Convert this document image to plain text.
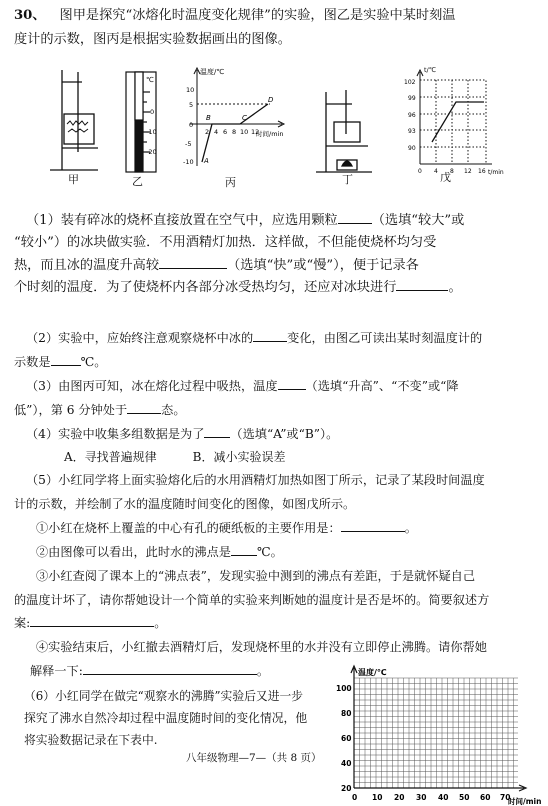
30、 图甲是探究“冰熔化时温度变化规律”的实验，图乙是实验中某时刻温
度计的示数，图丙是根据实验数据画出的图像。
℃
0
-10
-20
温度/℃
时间/min
10
5
0
-5
-10
2 4 6 8 10 12
A
B	C
D
t/℃
t/min
102
99
96
93
90
0 4 8 12 16
甲	乙	丙	丁	戊
（1）装有碎冰的烧杯直接放置在空气中，应选用颗粒	（选填“较大”或
“较小”）的冰块做实验．不用酒精灯加热．这样做，不但能使烧杯均匀受
热，而且冰的温度升高较	（选填“快”或“慢”），便于记录各
个时刻的温度．为了使烧杯内各部分冰受热均匀，还应对冰块进行	。
（2）实验中，应始终注意观察烧杯中冰的	变化，由图乙可读出某时刻温度计的
示数是 ℃。
（3）由图丙可知，冰在熔化过程中吸热，温度 （选填“升高”、“不变”或“降
低”），第 6 分钟处于	态。
（4）实验中收集多组数据是为了 （选填“A”或“B”）。
A．寻找普遍规律	B．减小实验误差
（5）小红同学将上面实验熔化后的水用酒精灯加热如图丁所示，记录了某段时间温度
计的示数，并绘制了水的温度随时间变化的图像，如图戊所示。
①小红在烧杯上覆盖的中心有孔的硬纸板的主要作用是：	。
②由图像可以看出，此时水的沸点是 ℃。
③小红查阅了课本上的“沸点表”，发现实验中测到的沸点有差距，于是就怀疑自己
的温度计坏了，请你帮她设计一个简单的实验来判断她的温度计是否是坏的。简要叙述方
案:	。
④实验结束后，小红撤去酒精灯后，发现烧杯里的水并没有立即停止沸腾。请你帮她
解释一下:	。
（6）小红同学在做完“观察水的沸腾”实验后又进一步
探究了沸水自然冷却过程中温度随时间的变化情况，他
将实验数据记录在下表中.
温度/℃
时间/min
100
80
60
40
20
0 10 20 30 40 50 60 70
八年级物理—7—（共 8 页）
